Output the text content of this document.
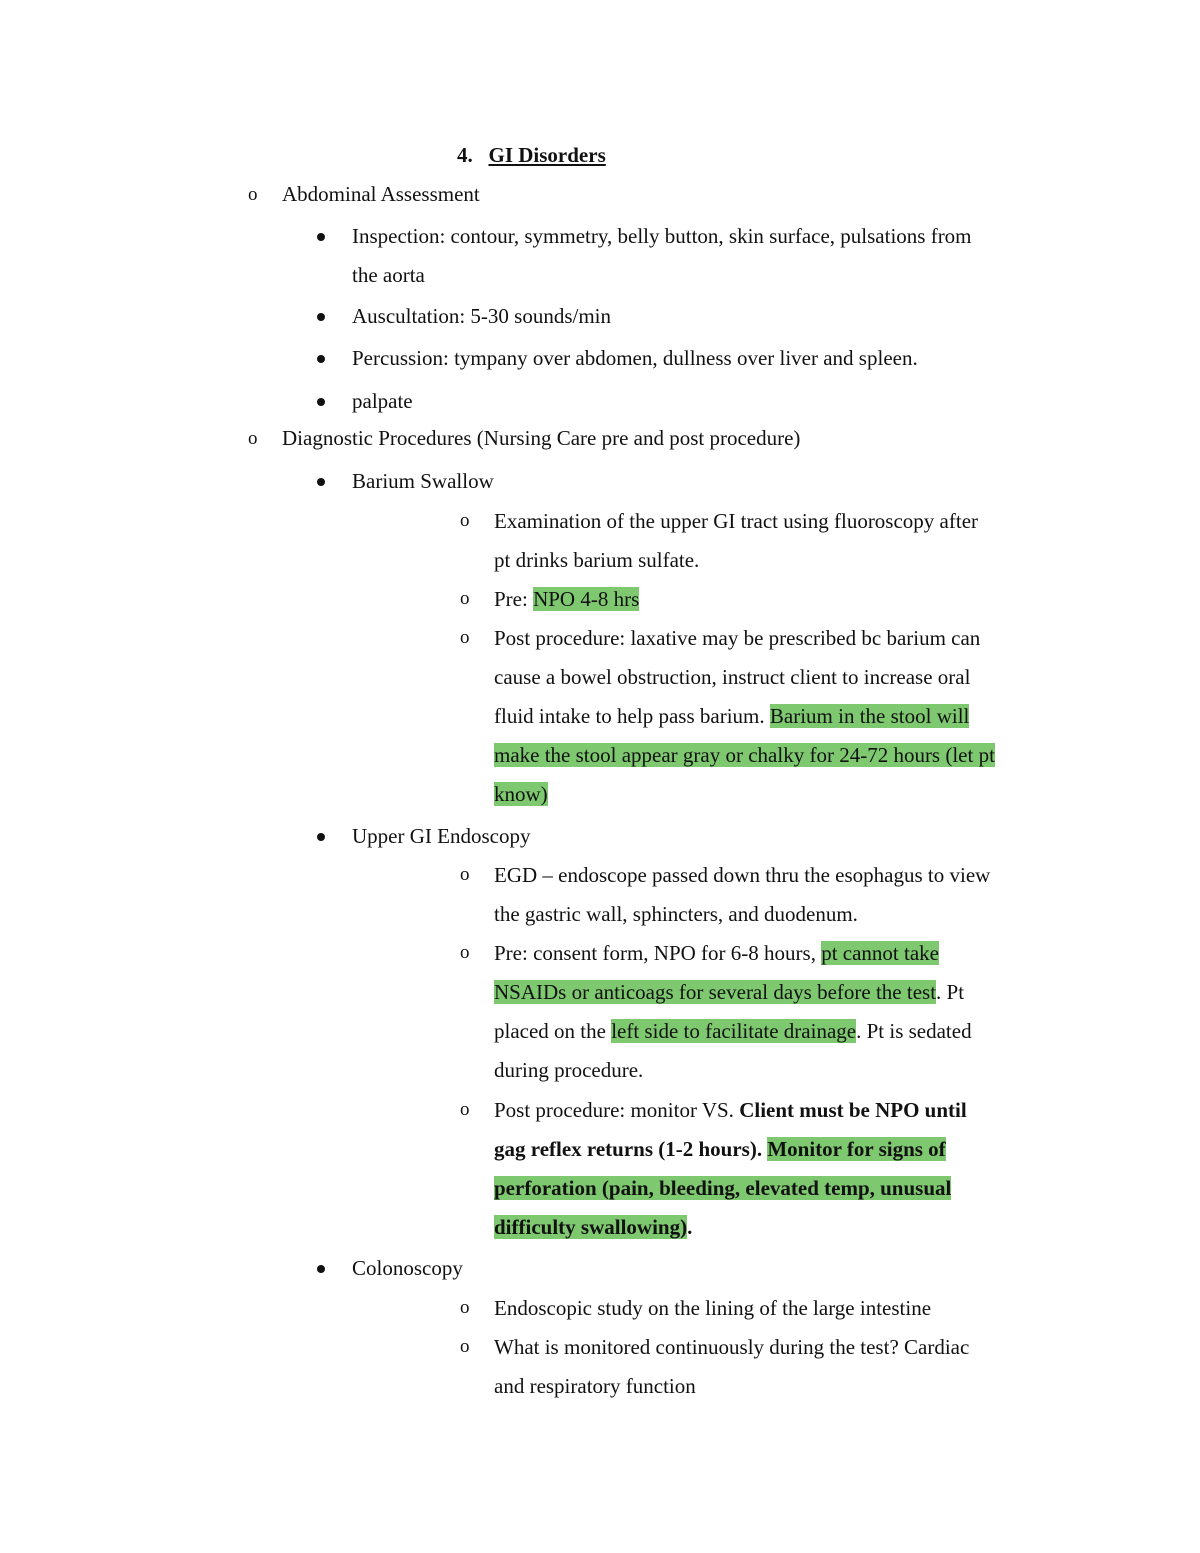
4. GI Disorders
o Abdominal Assessment
Inspection: contour, symmetry, belly button, skin surface, pulsations from
the aorta
Auscultation: 5-30 sounds/min
Percussion: tympany over abdomen, dullness over liver and spleen.
palpate
o Diagnostic Procedures (Nursing Care pre and post procedure)
Barium Swallow
o Examination of the upper GI tract using fluoroscopy after
pt drinks barium sulfate.
o Pre: NPO 4-8 hrs
o Post procedure: laxative may be prescribed bc barium can
cause a bowel obstruction, instruct client to increase oral
fluid intake to help pass barium. Barium in the stool will
make the stool appear gray or chalky for 24-72 hours (let pt
know)
Upper GI Endoscopy
o EGD – endoscope passed down thru the esophagus to view
the gastric wall, sphincters, and duodenum.
o Pre: consent form, NPO for 6-8 hours, pt cannot take
NSAIDs or anticoags for several days before the test. Pt
placed on the left side to facilitate drainage. Pt is sedated
during procedure.
o Post procedure: monitor VS. Client must be NPO until
gag reflex returns (1-2 hours). Monitor for signs of
perforation (pain, bleeding, elevated temp, unusual
difficulty swallowing).
Colonoscopy
o Endoscopic study on the lining of the large intestine
o What is monitored continuously during the test? Cardiac
and respiratory function
